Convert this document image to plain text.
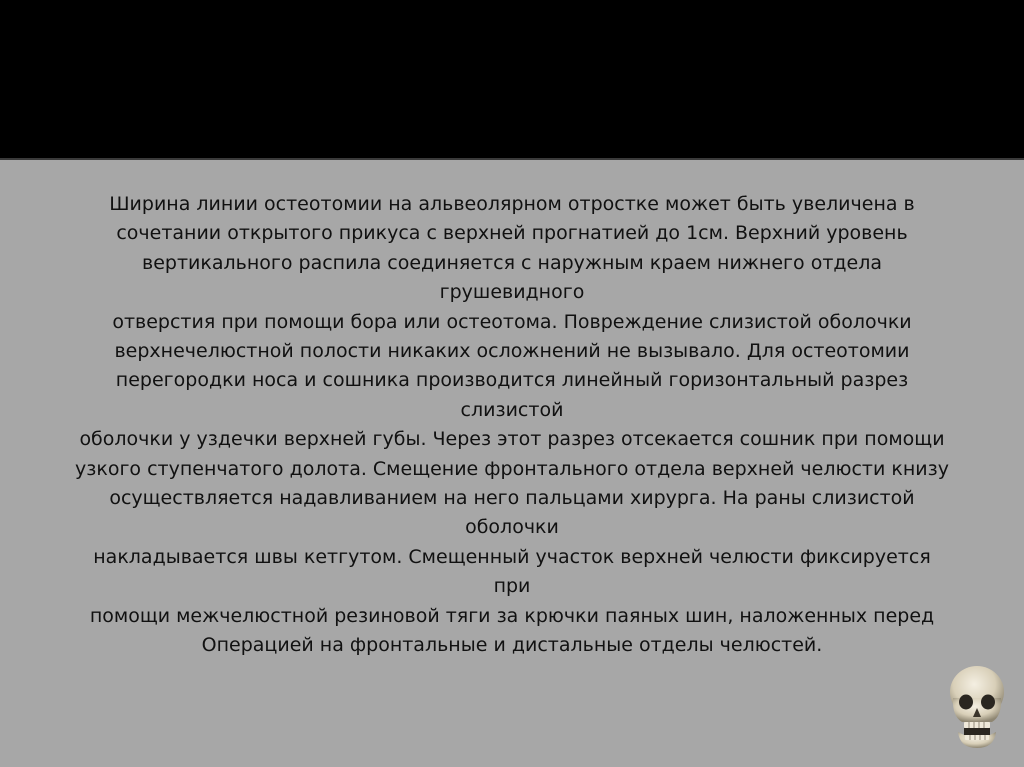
Ширина линии остеотомии на альвеолярном отростке может быть увеличена в
сочетании открытого прикуса с верхней прогнатией до 1см. Верхний уровень
вертикального распила соединяется с наружным краем нижнего отдела
грушевидного
отверстия при помощи бора или остеотома. Повреждение слизистой оболочки
верхнечелюстной полости никаких осложнений не вызывало. Для остеотомии
перегородки носа и сошника производится линейный горизонтальный разрез
слизистой
оболочки у уздечки верхней губы. Через этот разрез отсекается сошник при помощи
узкого ступенчатого долота. Смещение фронтального отдела верхней челюсти книзу
осуществляется надавливанием на него пальцами хирурга. На раны слизистой
оболочки
накладывается швы кетгутом. Смещенный участок верхней челюсти фиксируется
при
помощи межчелюстной резиновой тяги за крючки паяных шин, наложенных перед
Операцией на фронтальные и дистальные отделы челюстей.
